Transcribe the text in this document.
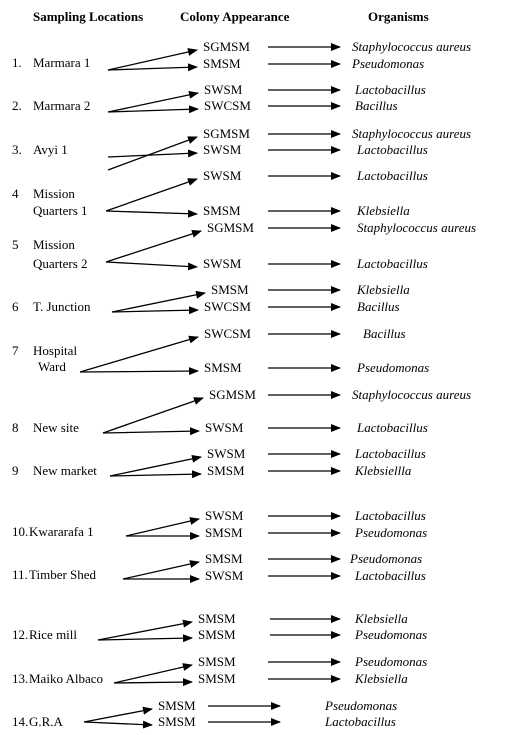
Sampling Locations	Colony Appearance	Organisms
1. Marmara 1
SGMSM	Staphylococcus aureus
SMSM	Pseudomonas
2. Marmara 2
SWSM	Lactobacillus
SWCSM	Bacillus
3. Avyi 1
SGMSM	Staphylococcus aureus
SWSM	Lactobacillus
4 Mission
Quarters 1
SWSM	Lactobacillus
SMSM	Klebsiella
5 Mission
Quarters 2
SGMSM	Staphylococcus aureus
SWSM	Lactobacillus
6 T. Junction
SMSM	Klebsiella
SWCSM	Bacillus
7 Hospital
Ward
SWCSM	Bacillus
SMSM	Pseudomonas
8 New site
SGMSM	Staphylococcus aureus
SWSM	Lactobacillus
9 New market
SWSM	Lactobacillus
SMSM	Klebsiellla
10. Kwararafa 1
SWSM	Lactobacillus
SMSM	Pseudomonas
11. Timber Shed
SMSM	Pseudomonas
SWSM	Lactobacillus
12. Rice mill
SMSM	Klebsiella
SMSM	Pseudomonas
13. Maiko Albaco
SMSM	Pseudomonas
SMSM	Klebsiella
14. G.R.A
SMSM	Pseudomonas
SMSM	Lactobacillus
